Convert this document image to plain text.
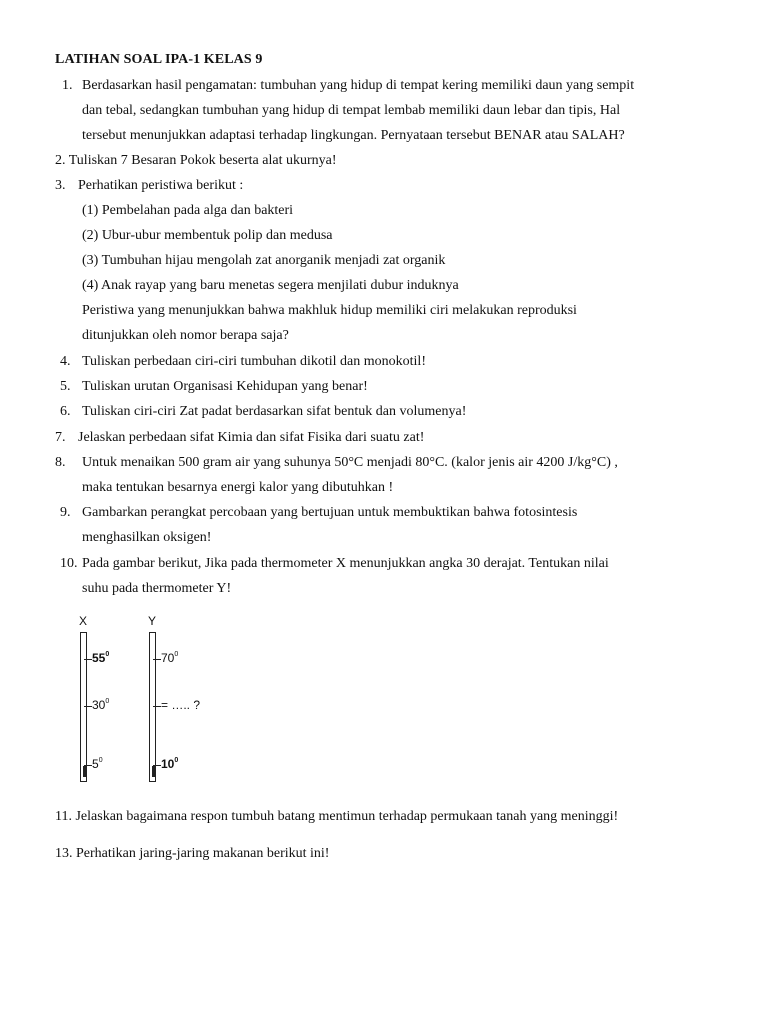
LATIHAN SOAL IPA-1 KELAS 9
1. Berdasarkan hasil pengamatan: tumbuhan yang hidup di tempat kering memiliki daun yang sempit
dan tebal, sedangkan tumbuhan yang hidup di tempat lembab memiliki daun lebar dan tipis, Hal
tersebut menunjukkan adaptasi terhadap lingkungan. Pernyataan tersebut BENAR atau SALAH?
2. Tuliskan 7 Besaran Pokok beserta alat ukurnya!
3. Perhatikan peristiwa berikut :
(1) Pembelahan pada alga dan bakteri
(2) Ubur-ubur membentuk polip dan medusa
(3) Tumbuhan hijau mengolah zat anorganik menjadi zat organik
(4) Anak rayap yang baru menetas segera menjilati dubur induknya
Peristiwa yang menunjukkan bahwa makhluk hidup memiliki ciri melakukan reproduksi
ditunjukkan oleh nomor berapa saja?
4. Tuliskan perbedaan ciri-ciri tumbuhan dikotil dan monokotil!
5. Tuliskan urutan Organisasi Kehidupan yang benar!
6. Tuliskan ciri-ciri Zat padat berdasarkan sifat bentuk dan volumenya!
7. Jelaskan perbedaan sifat Kimia dan sifat Fisika dari suatu zat!
8. Untuk menaikan 500 gram air yang suhunya 50°C menjadi 80°C. (kalor jenis air 4200 J/kg°C) ,
maka tentukan besarnya energi kalor yang dibutuhkan !
9. Gambarkan perangkat percobaan yang bertujuan untuk membuktikan bahwa fotosintesis
menghasilkan oksigen!
10. Pada gambar berikut, Jika pada thermometer X menunjukkan angka 30 derajat. Tentukan nilai
suhu pada thermometer Y!
X
$55^0$
$30^0$
$5^0$
Y
$70^0$
= ….. ?
$10^0$
11. Jelaskan bagaimana respon tumbuh batang mentimun terhadap permukaan tanah yang meninggi!
13. Perhatikan jaring-jaring makanan berikut ini!
